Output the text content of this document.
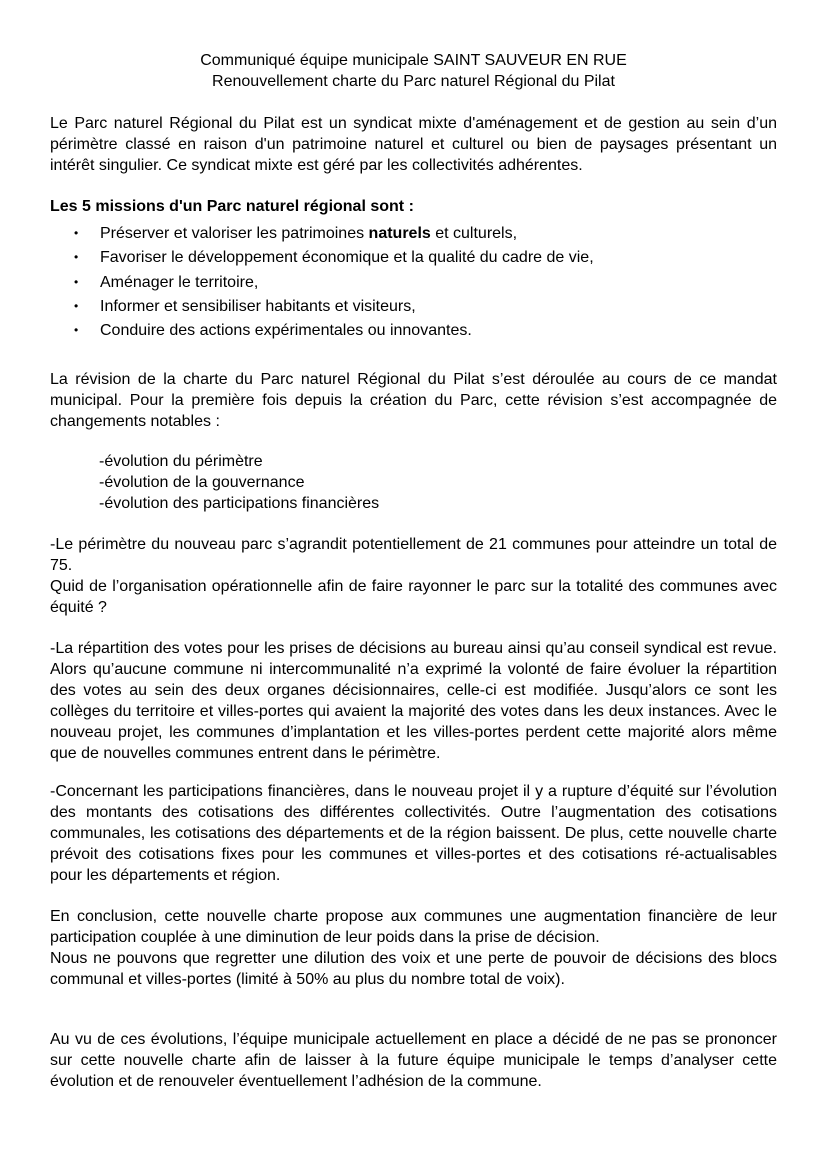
Communiqué équipe municipale SAINT SAUVEUR EN RUE
Renouvellement charte du Parc naturel Régional du Pilat
Le Parc naturel Régional du Pilat est un syndicat mixte d'aménagement et de gestion au sein d’un périmètre classé en raison d'un patrimoine naturel et culturel ou bien de paysages présentant un intérêt singulier. Ce syndicat mixte est géré par les collectivités adhérentes.
Les 5 missions d'un Parc naturel régional sont :
• Préserver et valoriser les patrimoines naturels et culturels,
• Favoriser le développement économique et la qualité du cadre de vie,
• Aménager le territoire,
• Informer et sensibiliser habitants et visiteurs,
• Conduire des actions expérimentales ou innovantes.
La révision de la charte du Parc naturel Régional du Pilat s’est déroulée au cours de ce mandat municipal. Pour la première fois depuis la création du Parc, cette révision s’est accompagnée de changements notables :
-évolution du périmètre
-évolution de la gouvernance
-évolution des participations financières
-Le périmètre du nouveau parc s’agrandit potentiellement de 21 communes pour atteindre un total de 75.
Quid de l’organisation opérationnelle afin de faire rayonner le parc sur la totalité des communes avec équité ?
-La répartition des votes pour les prises de décisions au bureau ainsi qu’au conseil syndical est revue. Alors qu’aucune commune ni intercommunalité n’a exprimé la volonté de faire évoluer la répartition des votes au sein des deux organes décisionnaires, celle-ci est modifiée. Jusqu’alors ce sont les collèges du territoire et villes-portes qui avaient la majorité des votes dans les deux instances. Avec le nouveau projet, les communes d’implantation et les villes-portes perdent cette majorité alors même que de nouvelles communes entrent dans le périmètre.
-Concernant les participations financières, dans le nouveau projet il y a rupture d’équité sur l’évolution des montants des cotisations des différentes collectivités. Outre l’augmentation des cotisations communales, les cotisations des départements et de la région baissent. De plus, cette nouvelle charte prévoit des cotisations fixes pour les communes et villes-portes et des cotisations ré-actualisables pour les départements et région.
En conclusion, cette nouvelle charte propose aux communes une augmentation financière de leur participation couplée à une diminution de leur poids dans la prise de décision.
Nous ne pouvons que regretter une dilution des voix et une perte de pouvoir de décisions des blocs communal et villes-portes (limité à 50% au plus du nombre total de voix).
Au vu de ces évolutions, l’équipe municipale actuellement en place a décidé de ne pas se prononcer sur cette nouvelle charte afin de laisser à la future équipe municipale le temps d’analyser cette évolution et de renouveler éventuellement l’adhésion de la commune.
